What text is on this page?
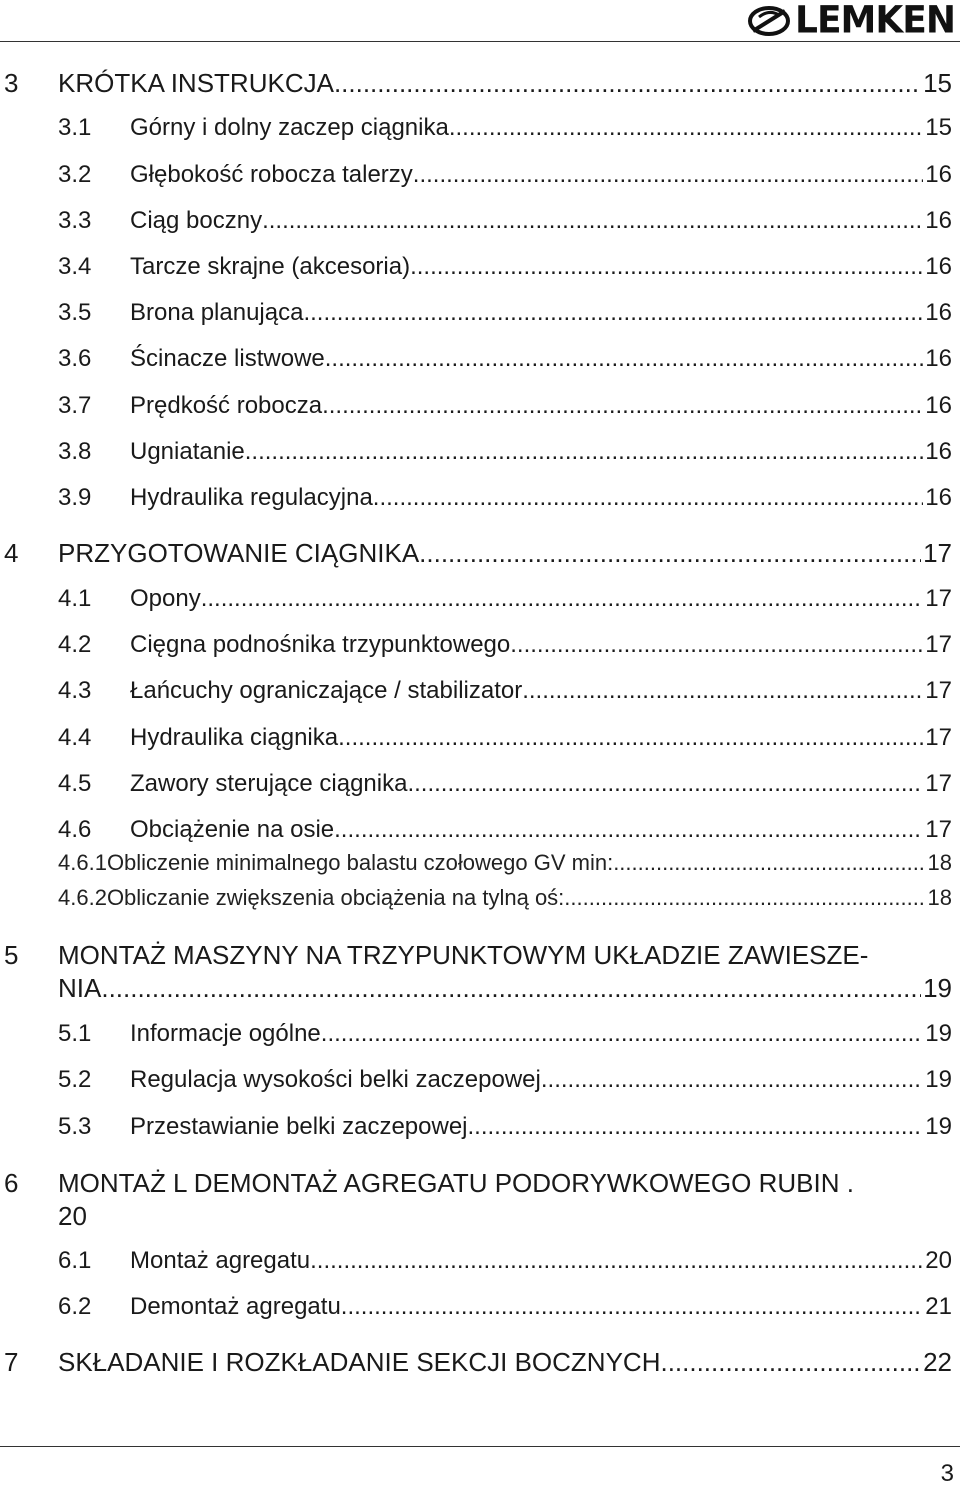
LEMKEN
3 KRÓTKA INSTRUKCJA .....	15
3.1 Górny i dolny zaczep ciągnika .....	15
3.2 Głębokość robocza talerzy .....	16
3.3 Ciąg boczny .....	16
3.4 Tarcze skrajne (akcesoria) .....	16
3.5 Brona planująca .....	16
3.6 Ścinacze listwowe .....	16
3.7 Prędkość robocza .....	16
3.8 Ugniatanie .....	16
3.9 Hydraulika regulacyjna .....	16
4 PRZYGOTOWANIE CIĄGNIKA .....	17
4.1 Opony .....	17
4.2 Cięgna podnośnika trzypunktowego .....	17
4.3 Łańcuchy ograniczające / stabilizator .....	17
4.4 Hydraulika ciągnika .....	17
4.5 Zawory sterujące ciągnika .....	17
4.6 Obciążenie na osie .....	17
4.6.1 Obliczenie minimalnego balastu czołowego GV min: .....	18
4.6.2 Obliczanie zwiększenia obciążenia na tylną oś: .....	18
5 MONTAŻ MASZYNY NA TRZYPUNKTOWYM UKŁADZIE ZAWIESZE-
NIA .....	19
5.1 Informacje ogólne .....	19
5.2 Regulacja wysokości belki zaczepowej .....	19
5.3 Przestawianie belki zaczepowej .....	19
6 MONTAŻ L DEMONTAŻ AGREGATU PODORYWKOWEGO RUBIN .
20
6.1 Montaż agregatu .....	20
6.2 Demontaż agregatu .....	21
7 SKŁADANIE I ROZKŁADANIE SEKCJI BOCZNYCH .....	22
3
